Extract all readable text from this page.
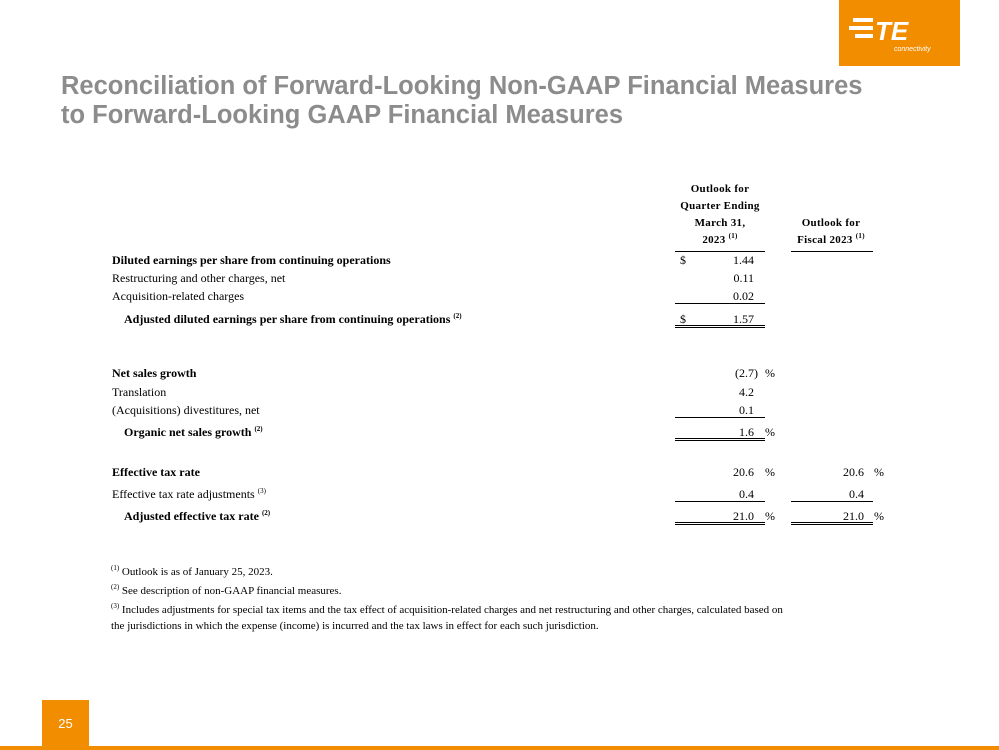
TE
connectivity
Reconciliation of Forward-Looking Non-GAAP Financial Measures
to Forward-Looking GAAP Financial Measures
Outlook for
Quarter Ending
March 31,
2023 $^{(1)}$
Outlook for
Fiscal 2023 $^{(1)}$
Diluted earnings per share from continuing operations	$	1.44
Restructuring and other charges, net	0.11
Acquisition-related charges	0.02
Adjusted diluted earnings per share from continuing operations $^{(2)}$	$	1.57
Net sales growth	(2.7) %
Translation	4.2
(Acquisitions) divestitures, net	0.1
Organic net sales growth $^{(2)}$	1.6 %
Effective tax rate	20.6 %	20.6 %
Effective tax rate adjustments $^{(3)}$	0.4	0.4
Adjusted effective tax rate $^{(2)}$	21.0 %	21.0 %
$^{(1)}$ Outlook is as of January 25, 2023.
$^{(2)}$ See description of non-GAAP financial measures.
$^{(3)}$ Includes adjustments for special tax items and the tax effect of acquisition-related charges and net restructuring and other charges, calculated based on
the jurisdictions in which the expense (income) is incurred and the tax laws in effect for each such jurisdiction.
25
